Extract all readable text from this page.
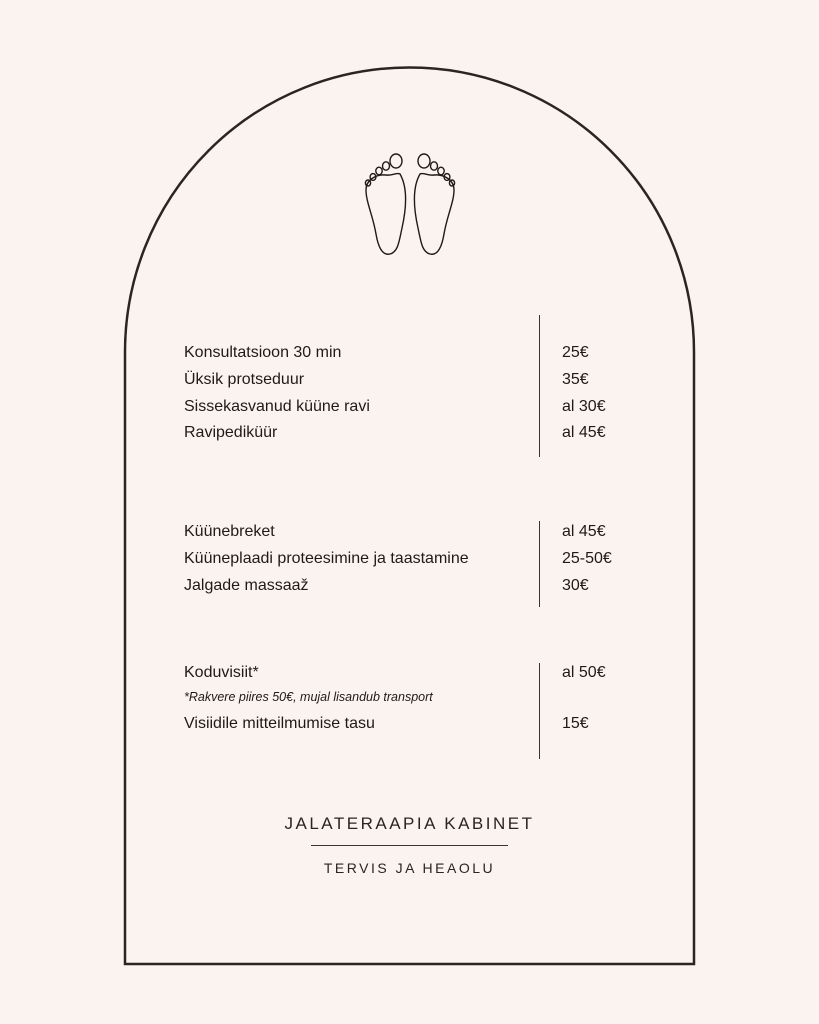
Konsultatsioon 30 min	25€
Üksik protseduur	35€
Sissekasvanud küüne ravi	al 30€
Ravipediküür	al 45€
Küünebreket	al 45€
Küüneplaadi proteesimine ja taastamine	25-50€
Jalgade massaaž	30€
Koduvisiit*	al 50€
*Rakvere piires 50€, mujal lisandub transport
Visiidile mitteilmumise tasu	15€
JALATERAAPIA KABINET
TERVIS JA HEAOLU
